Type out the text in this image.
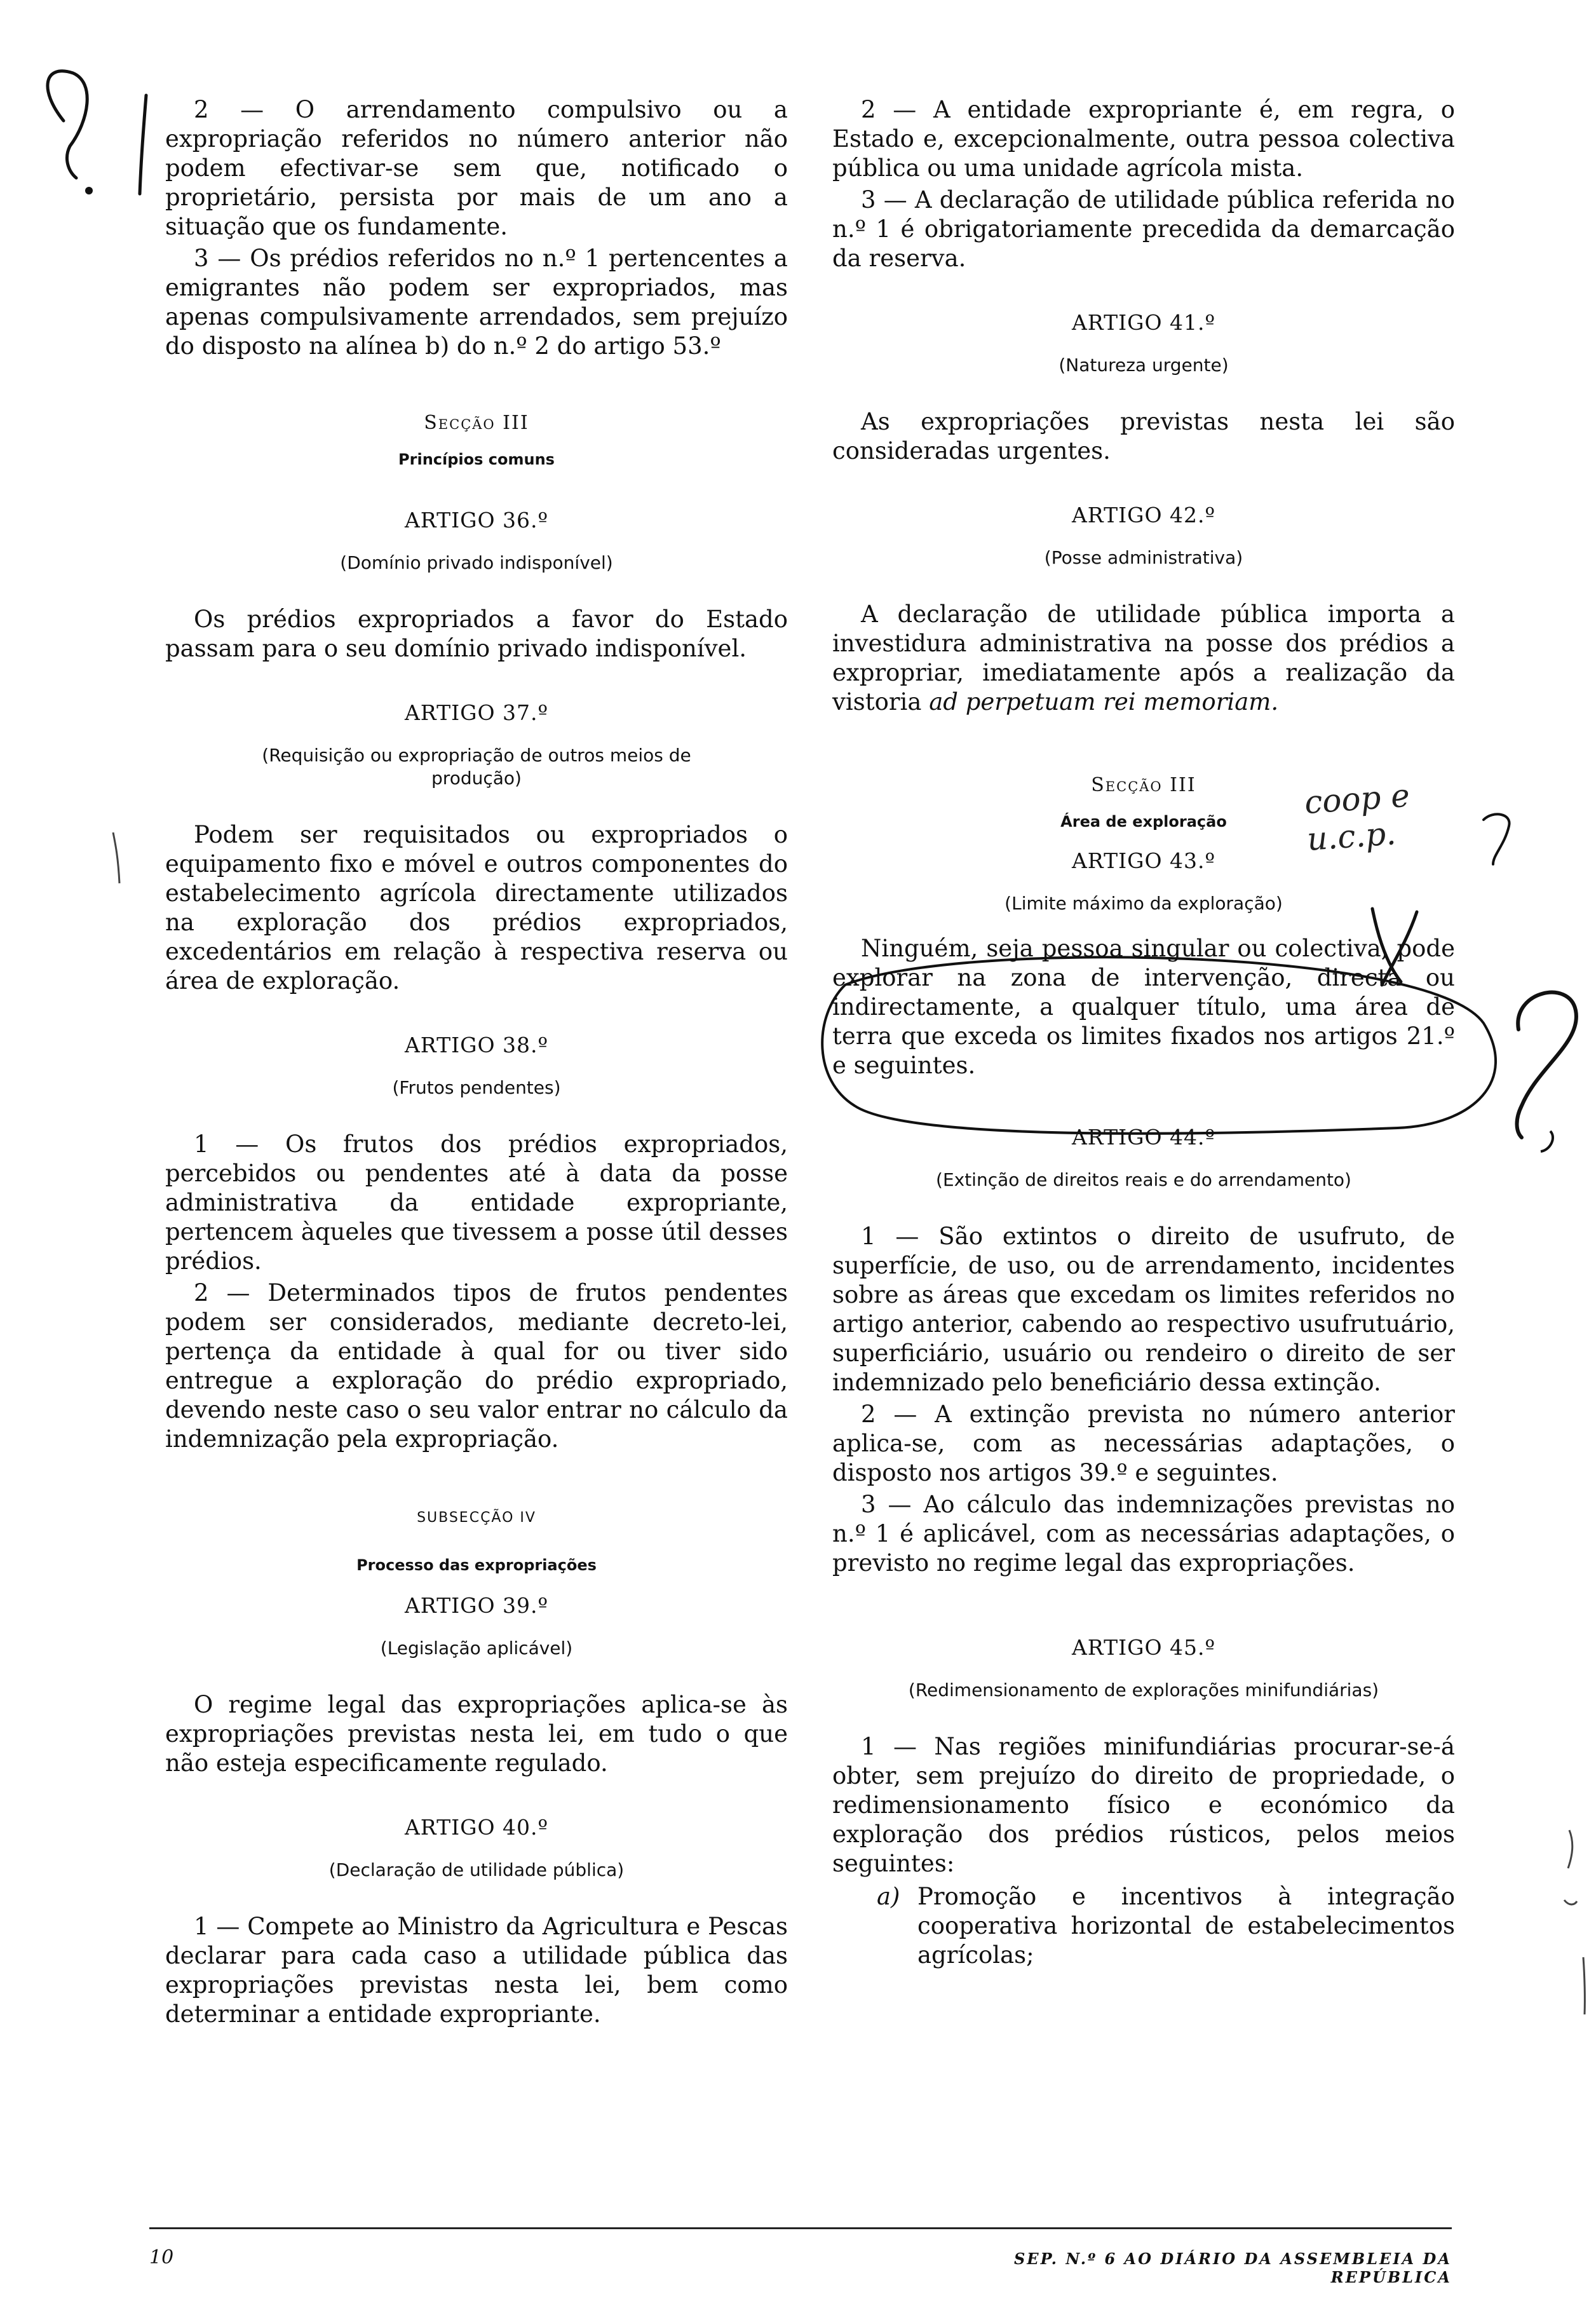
2 — O arrendamento compulsivo ou a expropriação referidos no número anterior não podem efectivar-se sem que, notificado o proprietário, persista por mais de um ano a situação que os fundamente.

3 — Os prédios referidos no n.º 1 pertencentes a emigrantes não podem ser expropriados, mas apenas compulsivamente arrendados, sem prejuízo do disposto na alínea b) do n.º 2 do artigo 53.º

Secção III

Princípios comuns

ARTIGO 36.º

(Domínio privado indisponível)

Os prédios expropriados a favor do Estado passam para o seu domínio privado indisponível.

ARTIGO 37.º

(Requisição ou expropriação de outros meios de produção)

Podem ser requisitados ou expropriados o equipamento fixo e móvel e outros componentes do estabelecimento agrícola directamente utilizados na exploração dos prédios expropriados, excedentários em relação à respectiva reserva ou área de exploração.

ARTIGO 38.º

(Frutos pendentes)

1 — Os frutos dos prédios expropriados, percebidos ou pendentes até à data da posse administrativa da entidade expropriante, pertencem àqueles que tivessem a posse útil desses prédios.

2 — Determinados tipos de frutos pendentes podem ser considerados, mediante decreto-lei, pertença da entidade à qual for ou tiver sido entregue a exploração do prédio expropriado, devendo neste caso o seu valor entrar no cálculo da indemnização pela expropriação.

SUBSECÇÃO IV

Processo das expropriações

ARTIGO 39.º

(Legislação aplicável)

O regime legal das expropriações aplica-se às expropriações previstas nesta lei, em tudo o que não esteja especificamente regulado.

ARTIGO 40.º

(Declaração de utilidade pública)

1 — Compete ao Ministro da Agricultura e Pescas declarar para cada caso a utilidade pública das expropriações previstas nesta lei, bem como determinar a entidade expropriante.

2 — A entidade expropriante é, em regra, o Estado e, excepcionalmente, outra pessoa colectiva pública ou uma unidade agrícola mista.

3 — A declaração de utilidade pública referida no n.º 1 é obrigatoriamente precedida da demarcação da reserva.

ARTIGO 41.º

(Natureza urgente)

As expropriações previstas nesta lei são consideradas urgentes.

ARTIGO 42.º

(Posse administrativa)

A declaração de utilidade pública importa a investidura administrativa na posse dos prédios a expropriar, imediatamente após a realização da vistoria ad perpetuam rei memoriam.

Secção III

Área de exploração

ARTIGO 43.º

(Limite máximo da exploração)

Ninguém, seja pessoa singular ou colectiva, pode explorar na zona de intervenção, directa ou indirectamente, a qualquer título, uma área de terra que exceda os limites fixados nos artigos 21.º e seguintes.

ARTIGO 44.º

(Extinção de direitos reais e do arrendamento)

1 — São extintos o direito de usufruto, de superfície, de uso, ou de arrendamento, incidentes sobre as áreas que excedam os limites referidos no artigo anterior, cabendo ao respectivo usufrutuário, superficiário, usuário ou rendeiro o direito de ser indemnizado pelo beneficiário dessa extinção.

2 — A extinção prevista no número anterior aplica-se, com as necessárias adaptações, o disposto nos artigos 39.º e seguintes.

3 — Ao cálculo das indemnizações previstas no n.º 1 é aplicável, com as necessárias adaptações, o previsto no regime legal das expropriações.

ARTIGO 45.º

(Redimensionamento de explorações minifundiárias)

1 — Nas regiões minifundiárias procurar-se-á obter, sem prejuízo do direito de propriedade, o redimensionamento físico e económico da exploração dos prédios rústicos, pelos meios seguintes:

a) Promoção e incentivos à integração cooperativa horizontal de estabelecimentos agrícolas;
coop e u.c.p.
10	SEP. N.º 6 AO DIÁRIO DA ASSEMBLEIA DA REPÚBLICA
